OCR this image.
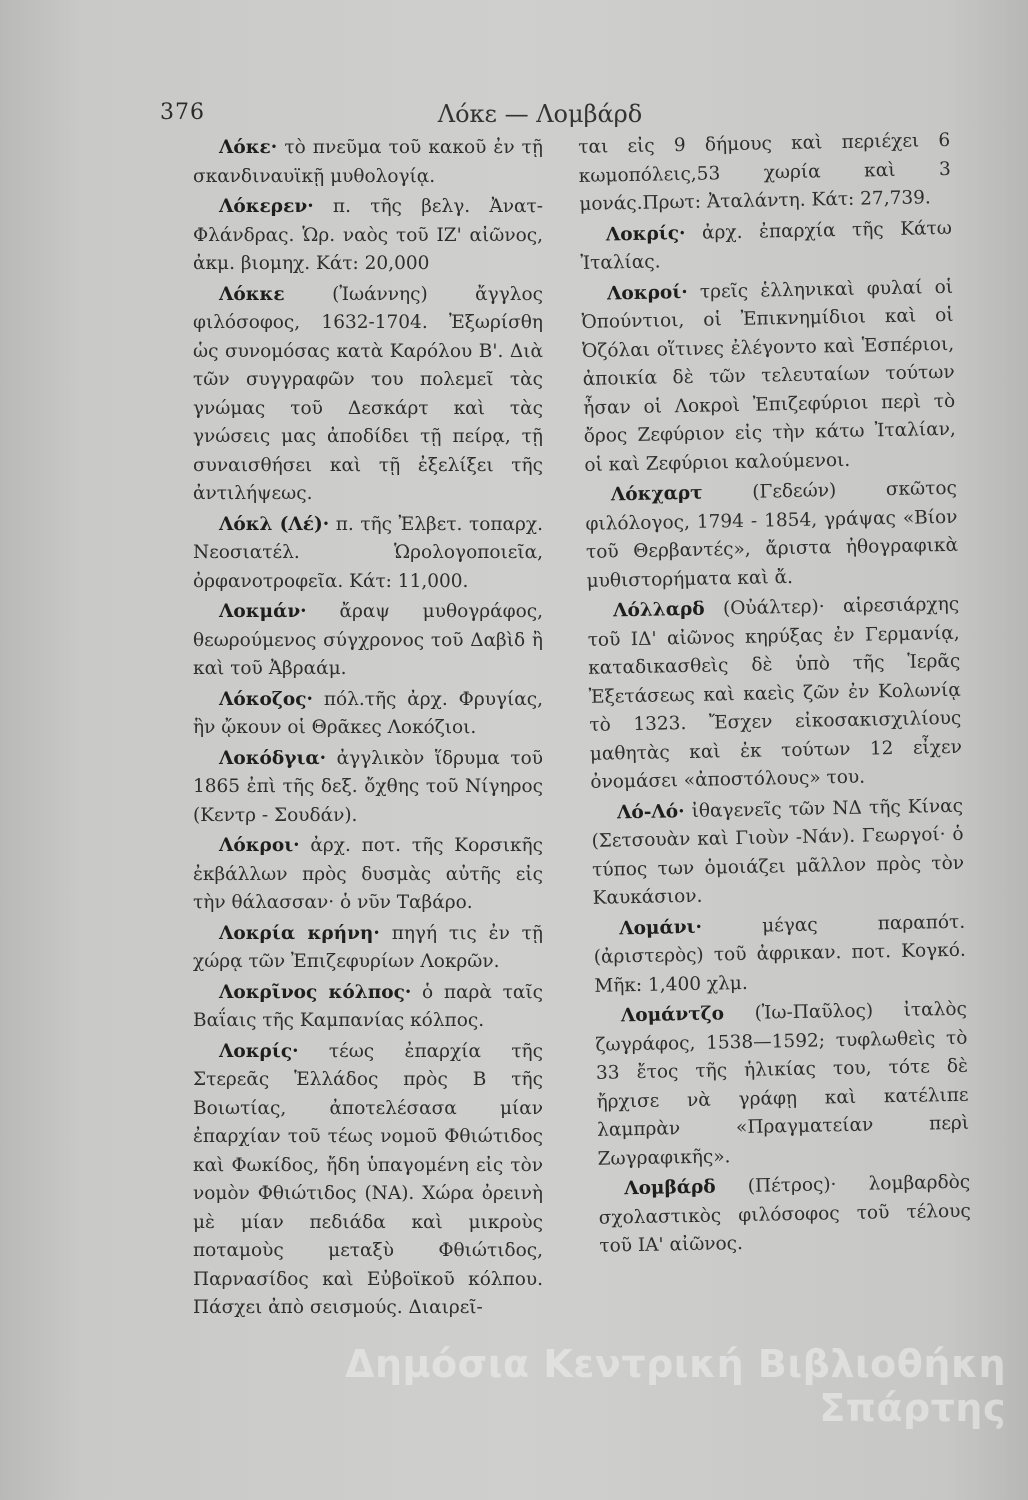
376	Λόκε — Λομβάρδ

Λόκε· τὸ πνεῦμα τοῦ κακοῦ ἐν τῇ σκανδιναυϊκῇ μυθολογίᾳ.

Λόκερεν· π. τῆς βελγ. Ἀνατ-Φλάνδρας. Ὡρ. ναὸς τοῦ ΙΖ' αἰῶνος, ἀκμ. βιομηχ. Κάτ: 20,000

Λόκκε	(Ἰωάννης) ἄγγλος φιλόσοφος, 1632-1704. Ἐξωρίσθη ὡς συνομόσας κατὰ Καρόλου Β'. Διὰ τῶν συγγραφῶν του πολεμεῖ τὰς γνώμας τοῦ Δεσκάρτ καὶ τὰς γνώσεις μας ἀποδίδει τῇ πείρᾳ, τῇ συναισθήσει καὶ τῇ ἐξελίξει τῆς ἀντιλήψεως.

Λόκλ (Λέ)· π. τῆς Ἐλβετ. τοπαρχ. Νεοσιατέλ. Ὡρολογοποιεῖα, ὀρφανοτροφεῖα. Κάτ: 11,000.

Λοκμάν· ἄραψ μυθογράφος, θεωρούμενος σύγχρονος τοῦ Δαβὶδ ἢ καὶ τοῦ Ἀβραάμ.

Λόκοζος· πόλ.τῆς ἀρχ. Φρυγίας, ἣν ᾤκουν οἱ Θρᾶκες Λοκόζιοι.

Λοκόδγια· ἀγγλικὸν ἵδρυμα τοῦ 1865 ἐπὶ τῆς δεξ. ὄχθης τοῦ Νίγηρος (Κεντρ - Σουδάν).

Λόκροι· ἀρχ. ποτ. τῆς Κορσικῆς ἐκβάλλων πρὸς δυσμὰς αὐτῆς εἰς τὴν θάλασσαν· ὁ νῦν Ταβάρο.

Λοκρία κρήνη· πηγή τις ἐν τῇ χώρᾳ τῶν Ἐπιζεφυρίων Λοκρῶν.

Λοκρῖνος κόλπος· ὁ παρὰ ταῖς Βαΐαις τῆς Καμπανίας κόλπος.

Λοκρίς· τέως ἐπαρχία τῆς Στερεᾶς Ἑλλάδος πρὸς Β τῆς Βοιωτίας, ἀποτελέσασα μίαν ἐπαρχίαν τοῦ τέως νομοῦ Φθιώτιδος καὶ Φωκίδος, ἤδη ὑπαγομένη εἰς τὸν νομὸν Φθιώτιδος (ΝΑ). Χώρα ὀρεινὴ μὲ μίαν πεδιάδα καὶ μικροὺς ποταμοὺς μεταξὺ Φθιώτιδος, Παρνασίδος καὶ Εὐβοϊκοῦ κόλπου. Πάσχει ἀπὸ σεισμούς. Διαιρεῖ-

ται εἰς 9 δήμους καὶ περιέχει 6 κωμοπόλεις,53 χωρία καὶ 3 μονάς.Πρωτ: Ἀταλάντη. Κάτ: 27,739.

Λοκρίς· ἀρχ. ἐπαρχία τῆς Κάτω Ἰταλίας.

Λοκροί· τρεῖς ἑλληνικαὶ φυλαί οἱ Ὀπούντιοι, οἱ Ἐπικνημίδιοι καὶ οἱ Ὀζόλαι οἵτινες ἐλέγοντο καὶ Ἑσπέριοι, ἀποικία δὲ τῶν τελευταίων τούτων ἦσαν οἱ Λοκροὶ Ἐπιζεφύριοι περὶ τὸ ὄρος Ζεφύριον εἰς τὴν κάτω Ἰταλίαν, οἱ καὶ Ζεφύριοι καλούμενοι.

Λόκχαρτ	(Γεδεών) σκῶτος φιλόλογος, 1794 - 1854, γράψας «Βίον τοῦ Θερβαντές», ἄριστα ἠθογραφικὰ μυθιστορήματα καὶ ἄ.

Λόλλαρδ (Οὐάλτερ)· αἱρεσιάρχης τοῦ ΙΔ' αἰῶνος κηρύξας ἐν Γερμανίᾳ, καταδικασθεὶς δὲ ὑπὸ τῆς Ἱερᾶς Ἐξετάσεως καὶ καεὶς ζῶν ἐν Κολωνίᾳ τὸ 1323. Ἔσχεν εἰκοσακισχιλίους μαθητὰς καὶ ἐκ τούτων 12 εἶχεν ὀνομάσει «ἀποστόλους» του.

Λό-Λό· ἰθαγενεῖς τῶν ΝΔ τῆς Κίνας (Σετσουὰν καὶ Γιοὺν -Νάν). Γεωργοί· ὁ τύπος των ὁμοιάζει μᾶλλον πρὸς τὸν Καυκάσιον.

Λομάνι·	μέγας παραπότ. (ἀριστερὸς) τοῦ ἀφρικαν. ποτ. Κογκό. Μῆκ: 1,400 χλμ.

Λομάντζο (Ἰω-Παῦλος) ἰταλὸς ζωγράφος, 1538—1592; τυφλωθεὶς τὸ 33 ἔτος τῆς ἡλικίας του, τότε δὲ ἤρχισε νὰ γράφῃ καὶ κατέλιπε λαμπρὰν «Πραγματείαν περὶ Ζωγραφικῆς».

Λομβάρδ (Πέτρος)· λομβαρδὸς σχολαστικὸς φιλόσοφος τοῦ τέλους τοῦ ΙΑ' αἰῶνος.

Δημόσια Κεντρική Βιβλιοθήκη Σπάρτης
